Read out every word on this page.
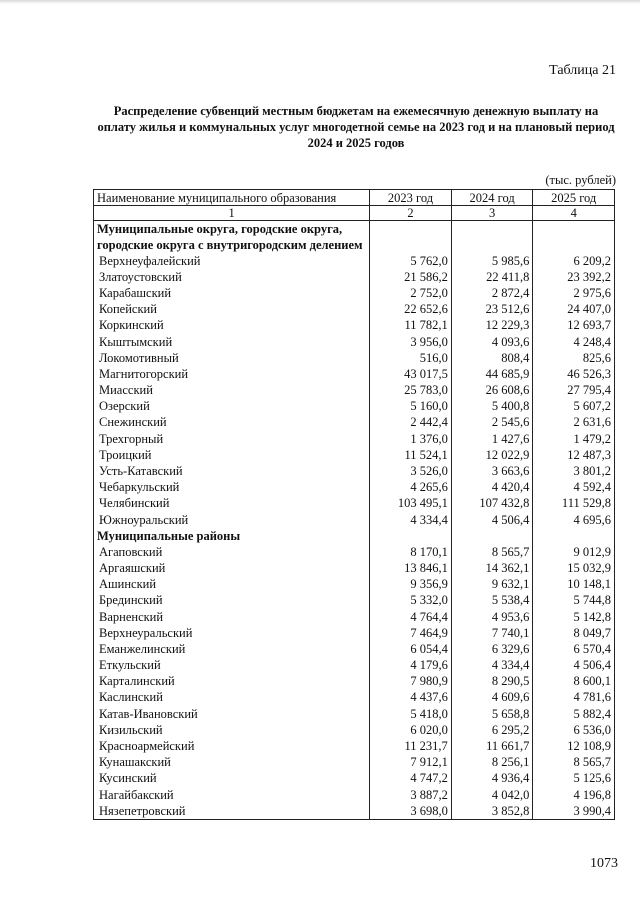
Таблица 21
Распределение субвенций местным бюджетам на ежемесячную денежную выплату на оплату жилья и коммунальных услуг многодетной семье на 2023 год и на плановый период 2024 и 2025 годов
(тыс. рублей)
Наименование муниципального образования	2023 год	2024 год	2025 год
1	2	3	4
Муниципальные округа, городские округа, городские округа с внутригородским делением			
Верхнеуфалейский	5 762,0	5 985,6	6 209,2
Златоустовский	21 586,2	22 411,8	23 392,2
Карабашский	2 752,0	2 872,4	2 975,6
Копейский	22 652,6	23 512,6	24 407,0
Коркинский	11 782,1	12 229,3	12 693,7
Кыштымский	3 956,0	4 093,6	4 248,4
Локомотивный	516,0	808,4	825,6
Магнитогорский	43 017,5	44 685,9	46 526,3
Миасский	25 783,0	26 608,6	27 795,4
Озерский	5 160,0	5 400,8	5 607,2
Снежинский	2 442,4	2 545,6	2 631,6
Трехгорный	1 376,0	1 427,6	1 479,2
Троицкий	11 524,1	12 022,9	12 487,3
Усть-Катавский	3 526,0	3 663,6	3 801,2
Чебаркульский	4 265,6	4 420,4	4 592,4
Челябинский	103 495,1	107 432,8	111 529,8
Южноуральский	4 334,4	4 506,4	4 695,6
Муниципальные районы			
Агаповский	8 170,1	8 565,7	9 012,9
Аргаяшский	13 846,1	14 362,1	15 032,9
Ашинский	9 356,9	9 632,1	10 148,1
Брединский	5 332,0	5 538,4	5 744,8
Варненский	4 764,4	4 953,6	5 142,8
Верхнеуральский	7 464,9	7 740,1	8 049,7
Еманжелинский	6 054,4	6 329,6	6 570,4
Еткульский	4 179,6	4 334,4	4 506,4
Карталинский	7 980,9	8 290,5	8 600,1
Каслинский	4 437,6	4 609,6	4 781,6
Катав-Ивановский	5 418,0	5 658,8	5 882,4
Кизильский	6 020,0	6 295,2	6 536,0
Красноармейский	11 231,7	11 661,7	12 108,9
Кунашакский	7 912,1	8 256,1	8 565,7
Кусинский	4 747,2	4 936,4	5 125,6
Нагайбакский	3 887,2	4 042,0	4 196,8
Нязепетровский	3 698,0	3 852,8	3 990,4
1073
